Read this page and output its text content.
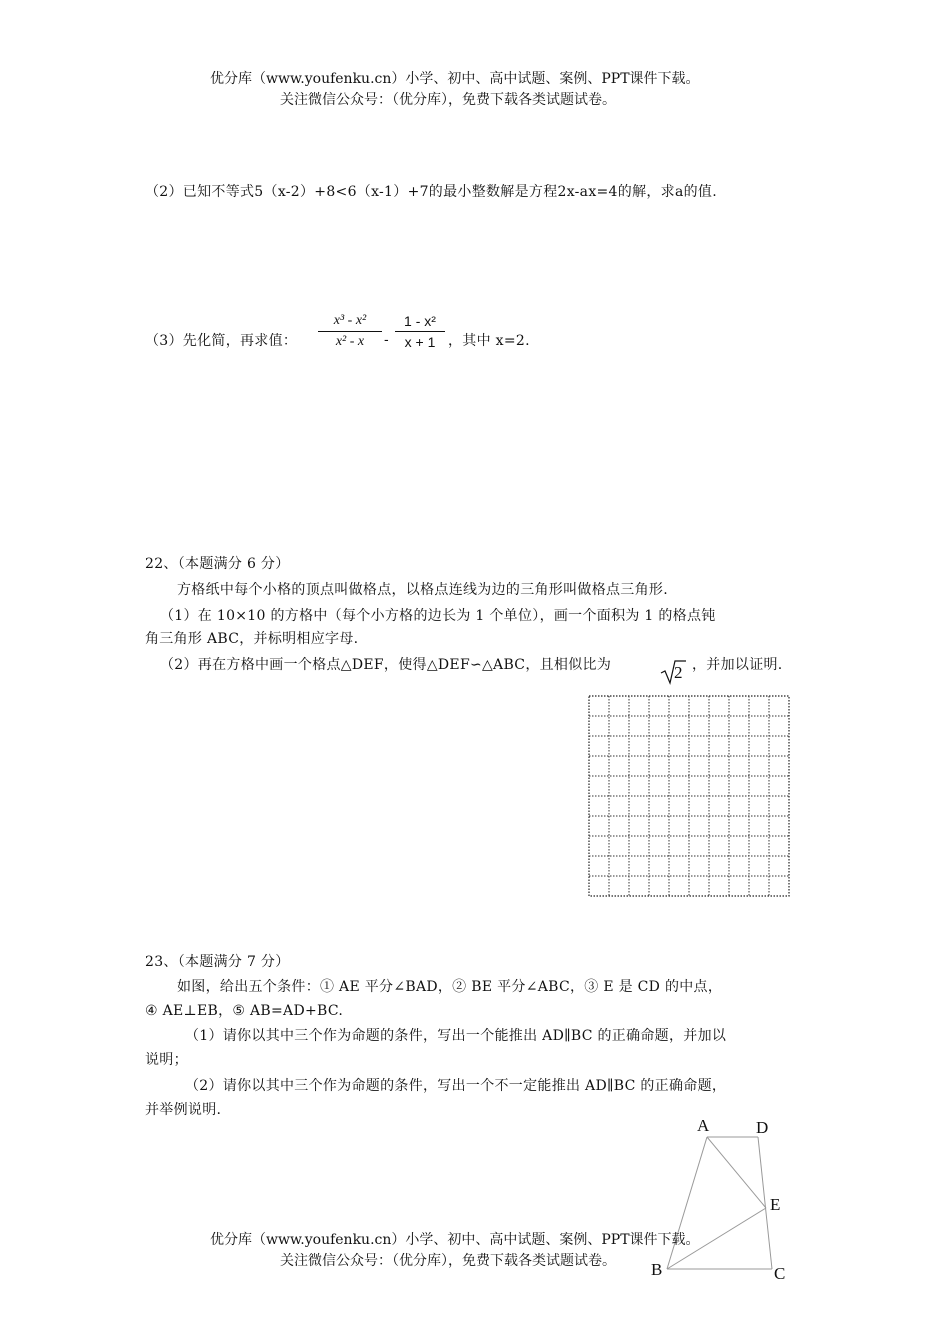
优分库（www.youfenku.cn）小学、初中、高中试题、案例、PPT课件下载。
关注微信公众号：（优分库），免费下载各类试题试卷。
（2）已知不等式5（x-2）+8<6（x-1）+7的最小整数解是方程2x-ax=4的解，求a的值.
（3）先化简，再求值：
x³ - x²
x² - x	-
1 - x²
x + 1 ，其中 x=2.
22、（本题满分 6 分）
方格纸中每个小格的顶点叫做格点，以格点连线为边的三角形叫做格点三角形.
（1）在 10×10 的方格中（每个小方格的边长为 1 个单位），画一个面积为 1 的格点钝
角三角形 ABC，并标明相应字母.
（2）再在方格中画一个格点△DEF，使得△DEF∽△ABC，且相似比为	2 ，并加以证明.
23、（本题满分 7 分）
如图，给出五个条件：① AE 平分∠BAD，② BE 平分∠ABC，③ E 是 CD 的中点，
④ AE⊥EB，⑤ AB=AD+BC.
（1）请你以其中三个作为命题的条件，写出一个能推出 AD∥BC 的正确命题，并加以
说明；
（2）请你以其中三个作为命题的条件，写出一个不一定能推出 AD∥BC 的正确命题，
并举例说明.
A	D
E
B	C
优分库（www.youfenku.cn）小学、初中、高中试题、案例、PPT课件下载。
关注微信公众号：（优分库），免费下载各类试题试卷。
